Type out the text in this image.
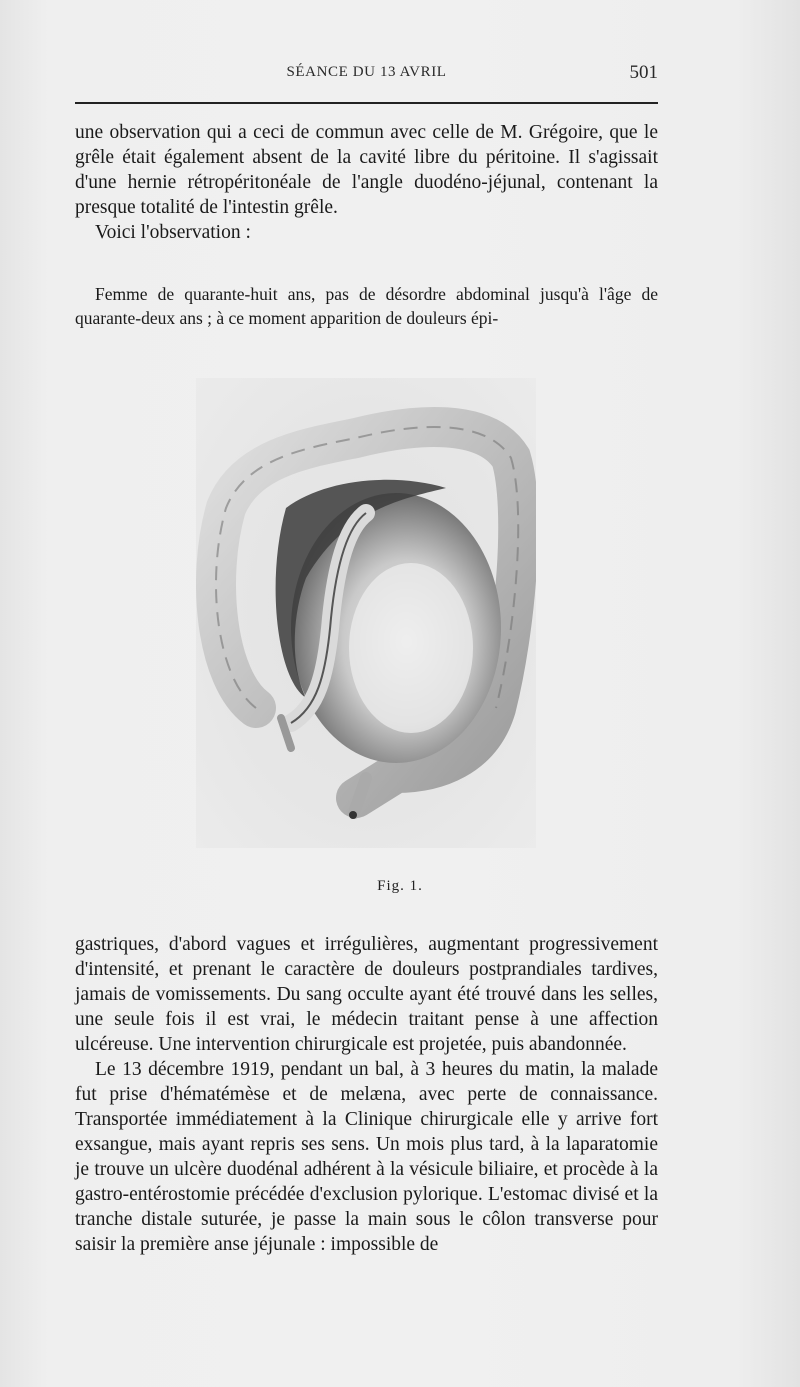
SÉANCE DU 13 AVRIL	501

une observation qui a ceci de commun avec celle de M. Grégoire, que le grêle était également absent de la cavité libre du péritoine. Il s'agissait d'une hernie rétropéritonéale de l'angle duodéno-jéjunal, contenant la presque totalité de l'intestin grêle.

Voici l'observation :

Femme de quarante-huit ans, pas de désordre abdominal jusqu'à l'âge de quarante-deux ans ; à ce moment apparition de douleurs épi-

Fig. 1.

gastriques, d'abord vagues et irrégulières, augmentant progressivement d'intensité, et prenant le caractère de douleurs postprandiales tardives, jamais de vomissements. Du sang occulte ayant été trouvé dans les selles, une seule fois il est vrai, le médecin traitant pense à une affection ulcéreuse. Une intervention chirurgicale est projetée, puis abandonnée.

Le 13 décembre 1919, pendant un bal, à 3 heures du matin, la malade fut prise d'hématémèse et de melæna, avec perte de connaissance. Transportée immédiatement à la Clinique chirurgicale elle y arrive fort exsangue, mais ayant repris ses sens. Un mois plus tard, à la laparatomie je trouve un ulcère duodénal adhérent à la vésicule biliaire, et procède à la gastro-entérostomie précédée d'exclusion pylorique. L'estomac divisé et la tranche distale suturée, je passe la main sous le côlon transverse pour saisir la première anse jéjunale : impossible de
